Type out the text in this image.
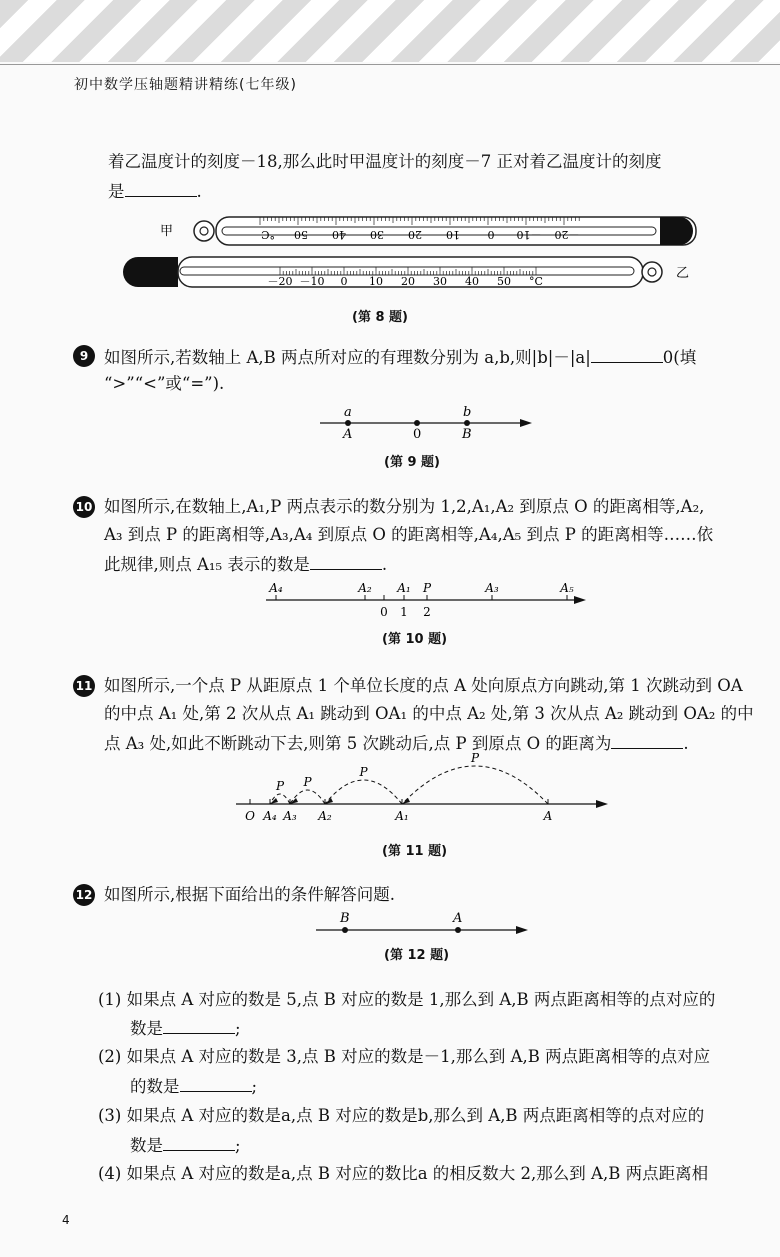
初中数学压轴题精讲精练(七年级)
着乙温度计的刻度－18,那么此时甲温度计的刻度－7 正对着乙温度计的刻度
是	.
甲	°C 50 40 30 20 10	0 －10 －20
－20 －10 0 10 20 30 40 50 °C
乙
(第 8 题)
9 如图所示,若数轴上 A,B 两点所对应的有理数分别为 a,b,则|b|－|a|	0(填
“>”“<”或“=”).
a
A	0
b
B
(第 9 题)
10 如图所示,在数轴上,A₁,P 两点表示的数分别为 1,2,A₁,A₂ 到原点 O 的距离相等,A₂,
A₃ 到点 P 的距离相等,A₃,A₄ 到原点 O 的距离相等,A₄,A₅ 到点 P 的距离相等……依
此规律,则点 A₁₅ 表示的数是	.
A₄	A₂ A₁ P	A₃	A₅
0 1 2
(第 10 题)
11 如图所示,一个点 P 从距原点 1 个单位长度的点 A 处向原点方向跳动,第 1 次跳动到 OA
的中点 A₁ 处,第 2 次从点 A₁ 跳动到 OA₁ 的中点 A₂ 处,第 3 次从点 A₂ 跳动到 OA₂ 的中
点 A₃ 处,如此不断跳动下去,则第 5 次跳动后,点 P 到原点 O 的距离为	.
P
P
P
P
O A₄ A₃ A₂	A₁	A
(第 11 题)
12 如图所示,根据下面给出的条件解答问题.
B	A
(第 12 题)
(1) 如果点 A 对应的数是 5,点 B 对应的数是 1,那么到 A,B 两点距离相等的点对应的
数是	;
(2) 如果点 A 对应的数是 3,点 B 对应的数是－1,那么到 A,B 两点距离相等的点对应
的数是	;
(3) 如果点 A 对应的数是a,点 B 对应的数是b,那么到 A,B 两点距离相等的点对应的
数是	;
(4) 如果点 A 对应的数是a,点 B 对应的数比a 的相反数大 2,那么到 A,B 两点距离相
4
